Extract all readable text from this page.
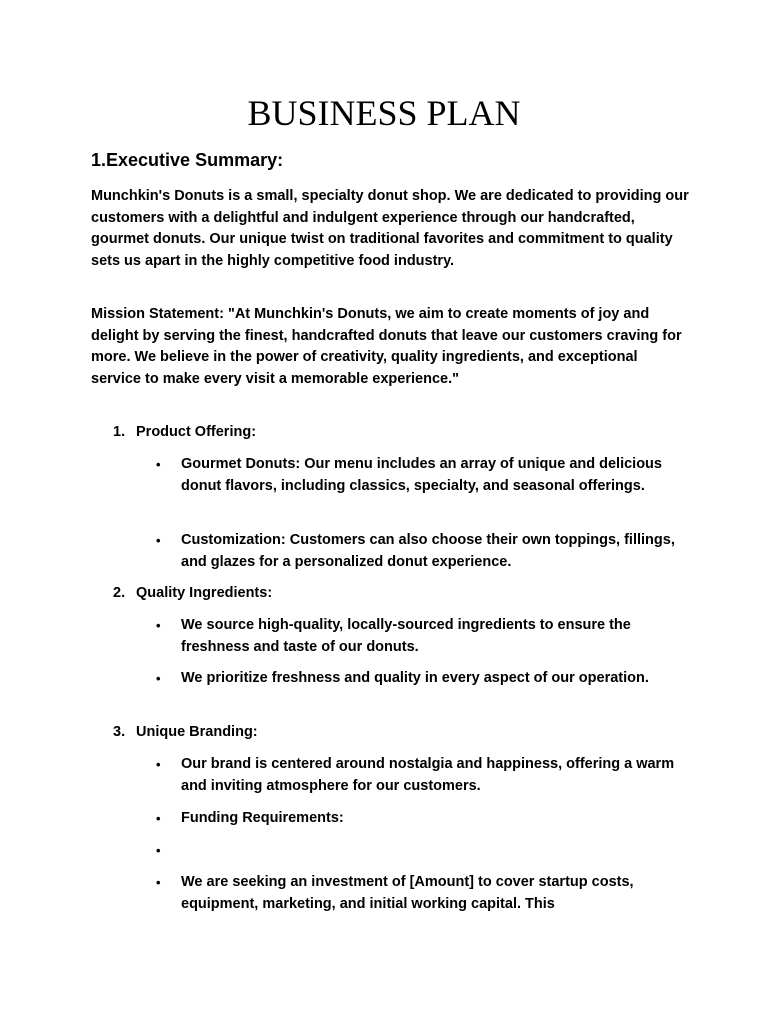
BUSINESS PLAN
1.Executive Summary:

Munchkin's Donuts is a small, specialty donut shop. We are dedicated to providing our customers with a delightful and indulgent experience through our handcrafted, gourmet donuts. Our unique twist on traditional favorites and commitment to quality sets us apart in the highly competitive food industry.

Mission Statement: "At Munchkin's Donuts, we aim to create moments of joy and delight by serving the finest, handcrafted donuts that leave our customers craving for more. We believe in the power of creativity, quality ingredients, and exceptional service to make every visit a memorable experience."

1. Product Offering:
• Gourmet Donuts: Our menu includes an array of unique and delicious donut flavors, including classics, specialty, and seasonal offerings.
• Customization: Customers can also choose their own toppings, fillings, and glazes for a personalized donut experience.
2. Quality Ingredients:
• We source high-quality, locally-sourced ingredients to ensure the freshness and taste of our donuts.
• We prioritize freshness and quality in every aspect of our operation.
3. Unique Branding:
• Our brand is centered around nostalgia and happiness, offering a warm and inviting atmosphere for our customers.
• Funding Requirements:
•
• We are seeking an investment of [Amount] to cover startup costs, equipment, marketing, and initial working capital. This
